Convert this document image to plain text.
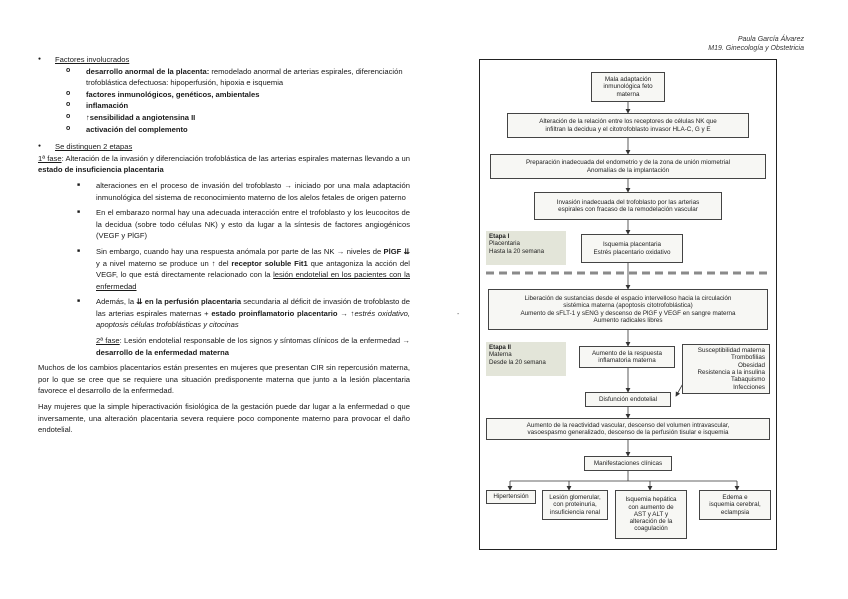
Paula García Álvarez
M19. Ginecología y Obstetricia

● Factores involucrados

o desarrollo anormal de la placenta: remodelado anormal de arterias espirales, diferenciación trofoblástica defectuosa: hipoperfusión, hipoxia e isquemia

o factores inmunológicos, genéticos, ambientales

o inflamación

o ↑sensibilidad a angiotensina II

o activación del complemento

● Se distinguen 2 etapas

1ª fase: Alteración de la invasión y diferenciación trofoblástica de las arterias espirales maternas llevando a un estado de insuficiencia placentaria

■ alteraciones en el proceso de invasión del trofoblasto → iniciado por una mala adaptación inmunológica del sistema de reconocimiento materno de los alelos fetales de origen paterno

■ En el embarazo normal hay una adecuada interacción entre el trofoblasto y los leucocitos de la decidua (sobre todo células NK) y esto da lugar a la síntesis de factores angiogénicos (VEGF y PlGF)

■ Sin embargo, cuando hay una respuesta anómala por parte de las NK → niveles de PlGF ⇊ y a nivel materno se produce un ↑ del receptor soluble Fit1 que antagoniza la acción del VEGF, lo que está directamente relacionado con la lesión endotelial en los pacientes con la enfermedad

■ Además, la ⇊ en la perfusión placentaria secundaria al déficit de invasión de trofoblasto de las arterias espirales maternas + estado proinflamatorio placentario → ↑estrés oxidativo, apoptosis células trofoblásticas y citocinas

2ª fase: Lesión endotelial responsable de los signos y síntomas clínicos de la enfermedad → desarrollo de la enfermedad materna

Muchos de los cambios placentarios están presentes en mujeres que presentan CIR sin repercusión materna, por lo que se cree que se requiere una situación predisponente materna que junto a la lesión placentaria favorece el desarrollo de la enfermedad.

Hay mujeres que la simple hiperactivación fisiológica de la gestación puede dar lugar a la enfermedad o que inversamente, una alteración placentaria severa requiere poco componente materno para provocar el daño endotelial.

-
Mala adaptación
inmunológica feto materna
Alteración de la relación entre los receptores de células NK que
infiltran la decidua y el citotrofoblasto invasor HLA-C, G y E
Preparación inadecuada del endometrio y de la zona de unión miometrial
Anomalías de la implantación
Invasión inadecuada del trofoblasto por las arterias
espirales con fracaso de la remodelación vascular
Etapa I
Placentaria
Hasta la 20 semana
Isquemia placentaria
Estrés placentario oxidativo
Liberación de sustancias desde el espacio intervelloso hacia la circulación
sistémica materna (apoptosis citotrofoblástica)
Aumento de sFLT-1 y sENG y descenso de PlGF y VEGF en sangre materna
Aumento radicales libres
Etapa II
Materna
Desde la 20 semana
Aumento de la respuesta
inflamatoria materna
Susceptibilidad materna
Trombofilias
Obesidad
Resistencia a la insulina
Tabaquismo
Infecciones
Disfunción endotelial
Aumento de la reactividad vascular, descenso del volumen intravascular,
vasoespasmo generalizado, descenso de la perfusión tisular e isquemia
Manifestaciones clínicas
Hipertensión	Lesión glomerular,
con proteinuria,
insuficiencia renal
Isquemia hepática
con aumento de
AST y ALT y
alteración de la
coagulación
Edema e
isquemia cerebral,
eclampsia
